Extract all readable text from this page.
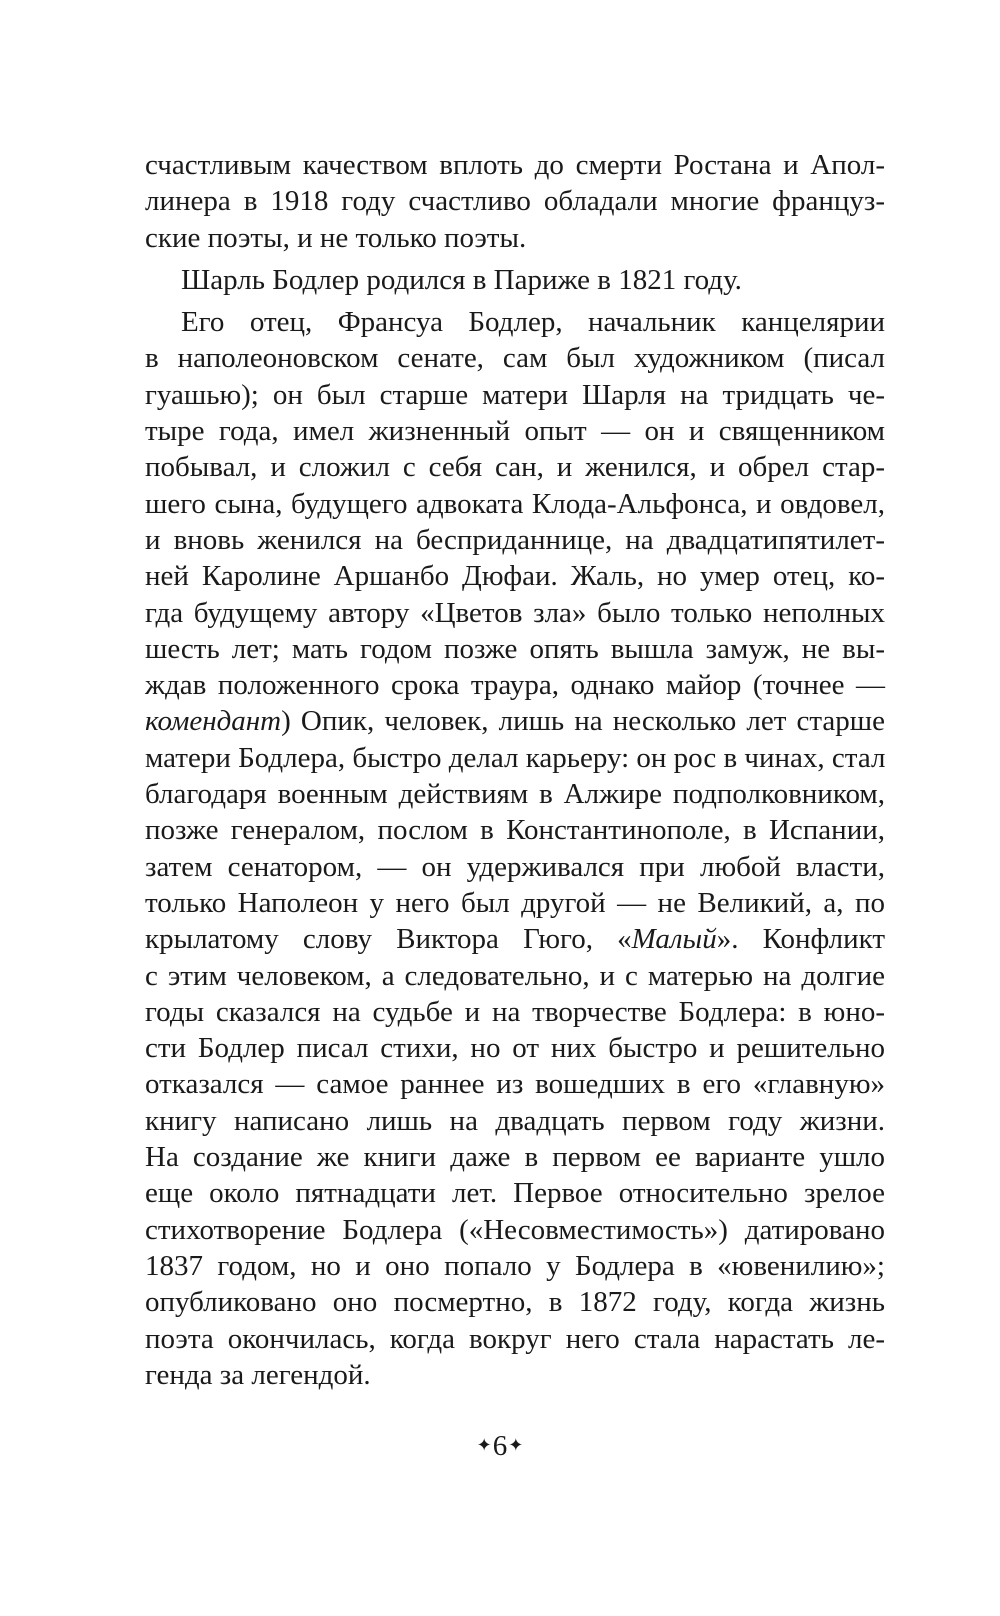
счастливым качеством вплоть до смерти Ростана и Апол-
линера в 1918 году счастливо обладали многие француз-
ские поэты, и не только поэты.
Шарль Бодлер родился в Париже в 1821 году.
Его отец, Франсуа Бодлер, начальник канцелярии
в наполеоновском сенате, сам был художником (писал
гуашью); он был старше матери Шарля на тридцать че-
тыре года, имел жизненный опыт — он и священником
побывал, и сложил с себя сан, и женился, и обрел стар-
шего сына, будущего адвоката Клода-Альфонса, и овдовел,
и вновь женился на бесприданнице, на двадцатипятилет-
ней Каролине Аршанбо Дюфаи. Жаль, но умер отец, ко-
гда будущему автору «Цветов зла» было только неполных
шесть лет; мать годом позже опять вышла замуж, не вы-
ждав положенного срока траура, однако майор (точнее —
комендант) Опик, человек, лишь на несколько лет старше
матери Бодлера, быстро делал карьеру: он рос в чинах, стал
благодаря военным действиям в Алжире подполковником,
позже генералом, послом в Константинополе, в Испании,
затем сенатором, — он удерживался при любой власти,
только Наполеон у него был другой — не Великий, а, по
крылатому слову Виктора Гюго, «Малый». Конфликт
с этим человеком, а следовательно, и с матерью на долгие
годы сказался на судьбе и на творчестве Бодлера: в юно-
сти Бодлер писал стихи, но от них быстро и решительно
отказался — самое раннее из вошедших в его «главную»
книгу написано лишь на двадцать первом году жизни.
На создание же книги даже в первом ее варианте ушло
еще около пятнадцати лет. Первое относительно зрелое
стихотворение Бодлера («Несовместимость») датировано
1837 годом, но и оно попало у Бодлера в «ювенилию»;
опубликовано оно посмертно, в 1872 году, когда жизнь
поэта окончилась, когда вокруг него стала нарастать ле-
генда за легендой.
✦6✦
